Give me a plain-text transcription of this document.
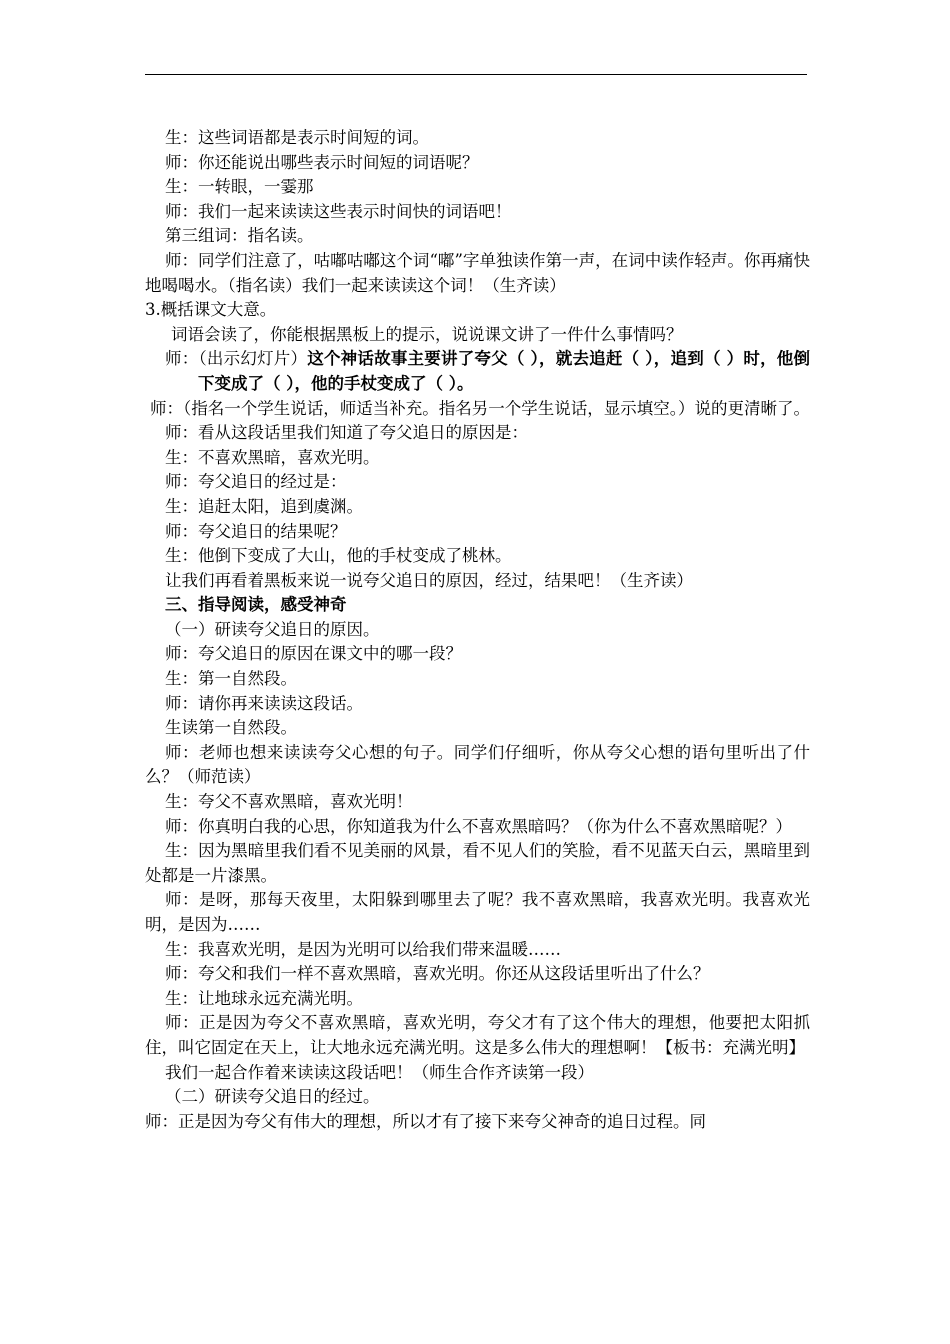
生：这些词语都是表示时间短的词。

师：你还能说出哪些表示时间短的词语呢？

生：一转眼，一霎那

师：我们一起来读读这些表示时间快的词语吧！

第三组词：指名读。

师：同学们注意了，咕嘟咕嘟这个词“嘟”字单独读作第一声，在词中读作轻声。你再痛快地喝喝水。（指名读）我们一起来读读这个词！（生齐读）

3.概括课文大意。

词语会读了，你能根据黑板上的提示，说说课文讲了一件什么事情吗？

师：（出示幻灯片）这个神话故事主要讲了夸父（ ），就去追赶（ ），追到（ ）时，他倒下变成了（ ），他的手杖变成了（ ）。

师：（指名一个学生说话，师适当补充。指名另一个学生说话，显示填空。）说的更清晰了。

师：看从这段话里我们知道了夸父追日的原因是：

生：不喜欢黑暗，喜欢光明。

师：夸父追日的经过是：

生：追赶太阳，追到虞渊。

师：夸父追日的结果呢？

生：他倒下变成了大山，他的手杖变成了桃林。

让我们再看着黑板来说一说夸父追日的原因，经过，结果吧！（生齐读）

三、指导阅读，感受神奇

（一）研读夸父追日的原因。

师：夸父追日的原因在课文中的哪一段？

生：第一自然段。

师：请你再来读读这段话。

生读第一自然段。

师：老师也想来读读夸父心想的句子。同学们仔细听，你从夸父心想的语句里听出了什么？（师范读）

生：夸父不喜欢黑暗，喜欢光明！

师：你真明白我的心思，你知道我为什么不喜欢黑暗吗？（你为什么不喜欢黑暗呢？）

生：因为黑暗里我们看不见美丽的风景，看不见人们的笑脸，看不见蓝天白云，黑暗里到处都是一片漆黑。

师：是呀，那每天夜里，太阳躲到哪里去了呢？我不喜欢黑暗，我喜欢光明。我喜欢光明，是因为……

生：我喜欢光明，是因为光明可以给我们带来温暖……

师：夸父和我们一样不喜欢黑暗，喜欢光明。你还从这段话里听出了什么？

生：让地球永远充满光明。

师：正是因为夸父不喜欢黑暗，喜欢光明，夸父才有了这个伟大的理想，他要把太阳抓住，叫它固定在天上，让大地永远充满光明。这是多么伟大的理想啊！【板书：充满光明】

我们一起合作着来读读这段话吧！（师生合作齐读第一段）

（二）研读夸父追日的经过。

师：正是因为夸父有伟大的理想，所以才有了接下来夸父神奇的追日过程。同
